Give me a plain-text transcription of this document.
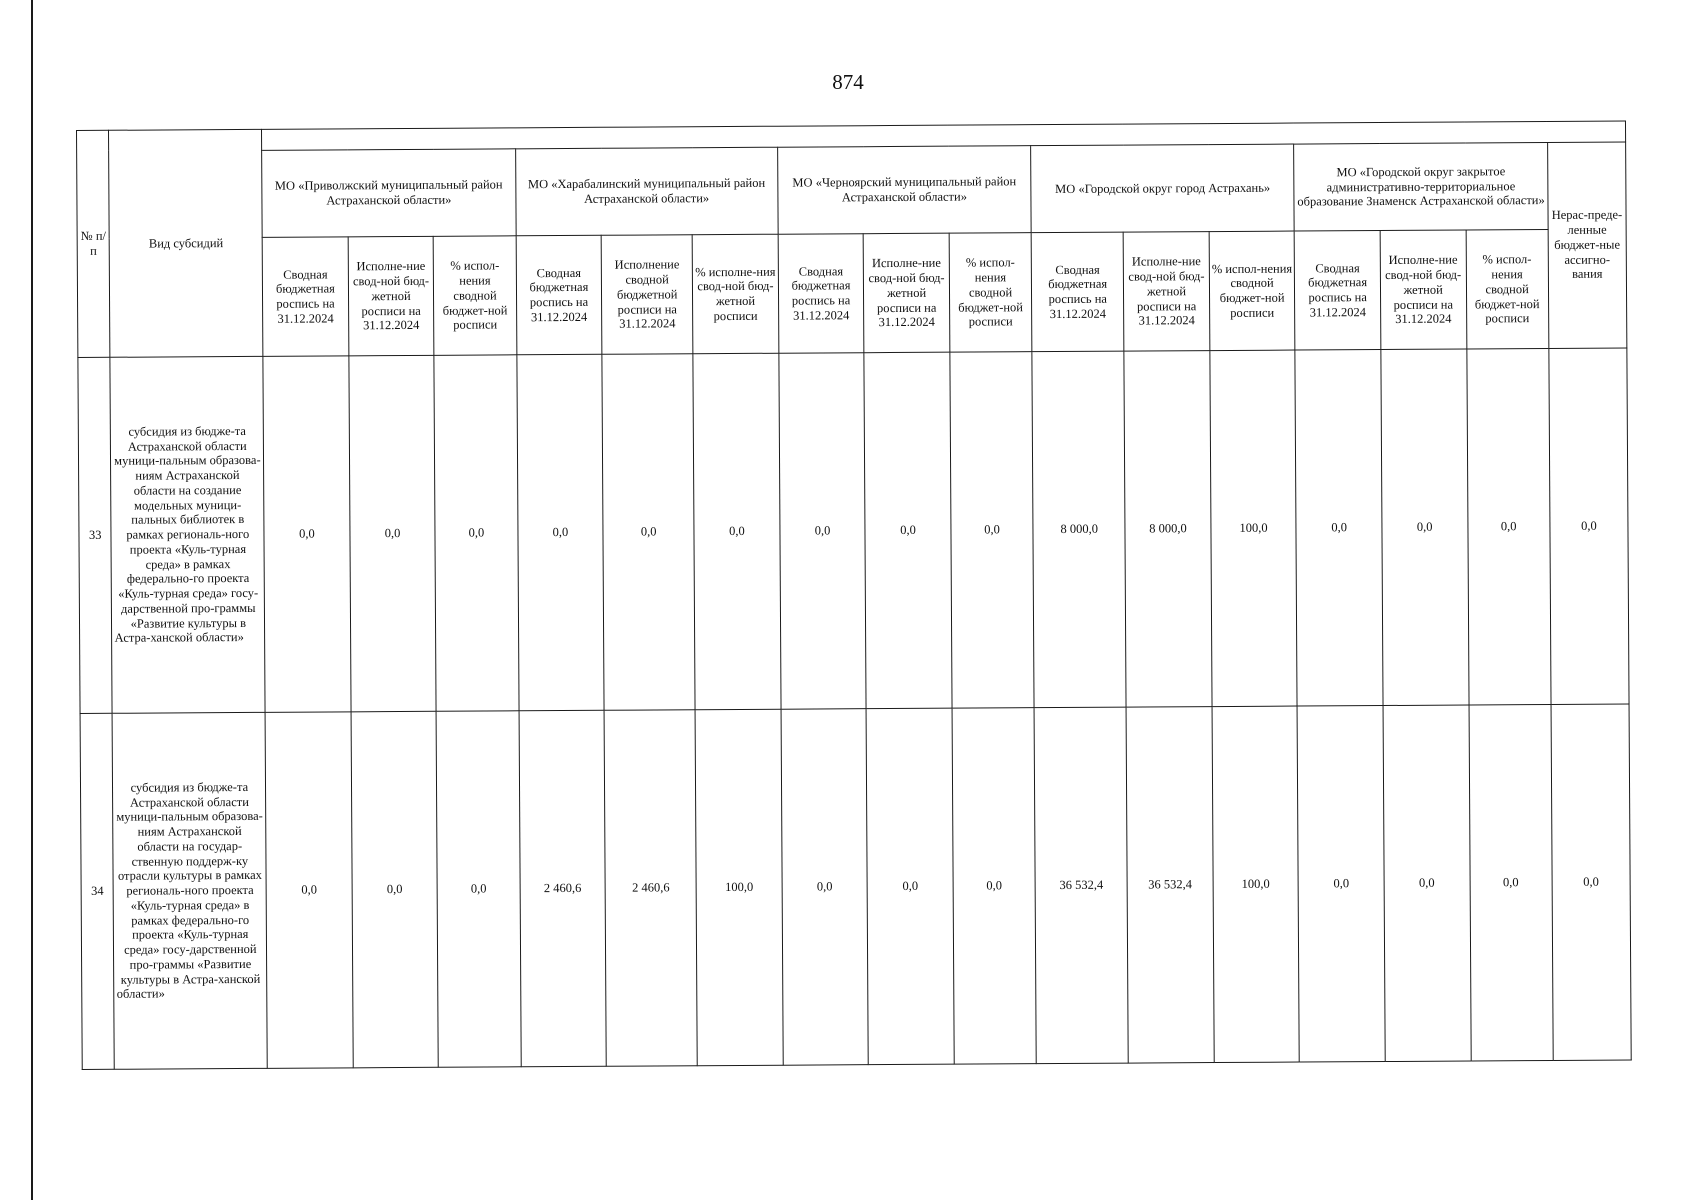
874
№ п/п	Вид субсидий																
		МО «Приволжский муниципальный район Астраханской области»			МО «Харабалинский муниципальный район Астраханской области»			МО «Черноярский муниципальный район Астраханской области»			МО «Городской округ город Астрахань»			МО «Городской округ закрытое административно-территориальное образование Знаменск Астраханской области»			Нерас-преде-ленные бюджет-ные ассигно-вания
		Сводная бюджетная роспись на 31.12.2024	Исполне-ние свод-ной бюд-жетной росписи на 31.12.2024	% испол-нения сводной бюджет-ной росписи	Сводная бюджетная роспись на 31.12.2024	Исполнение сводной бюджетной росписи на 31.12.2024	% исполне-ния свод-ной бюд-жетной росписи	Сводная бюджетная роспись на 31.12.2024	Исполне-ние свод-ной бюд-жетной росписи на 31.12.2024	% испол-нения сводной бюджет-ной росписи	Сводная бюджетная роспись на 31.12.2024	Исполне-ние свод-ной бюд-жетной росписи на 31.12.2024	% испол-нения сводной бюджет-ной росписи	Сводная бюджетная роспись на 31.12.2024	Исполне-ние свод-ной бюд-жетной росписи на 31.12.2024	% испол-нения сводной бюджет-ной росписи	
33	субсидия из бюдже-та Астраханской области муници-пальным образова-ниям Астраханской области на создание модельных муници-пальных библиотек в рамках региональ-ного проекта «Куль-турная среда» в рамках федерально-го проекта «Куль-турная среда» госу-дарственной про-граммы «Развитие культуры в Астра-ханской области»	0,0	0,0	0,0	0,0	0,0	0,0	0,0	0,0	0,0	8 000,0	8 000,0	100,0	0,0	0,0	0,0	0,0
34	субсидия из бюдже-та Астраханской области муници-пальным образова-ниям Астраханской области на государ-ственную поддерж-ку отрасли культуры в рамках региональ-ного проекта «Куль-турная среда» в рамках федерально-го проекта «Куль-турная среда» госу-дарственной про-граммы «Развитие культуры в Астра-ханской области»	0,0	0,0	0,0	2 460,6	2 460,6	100,0	0,0	0,0	0,0	36 532,4	36 532,4	100,0	0,0	0,0	0,0	0,0
